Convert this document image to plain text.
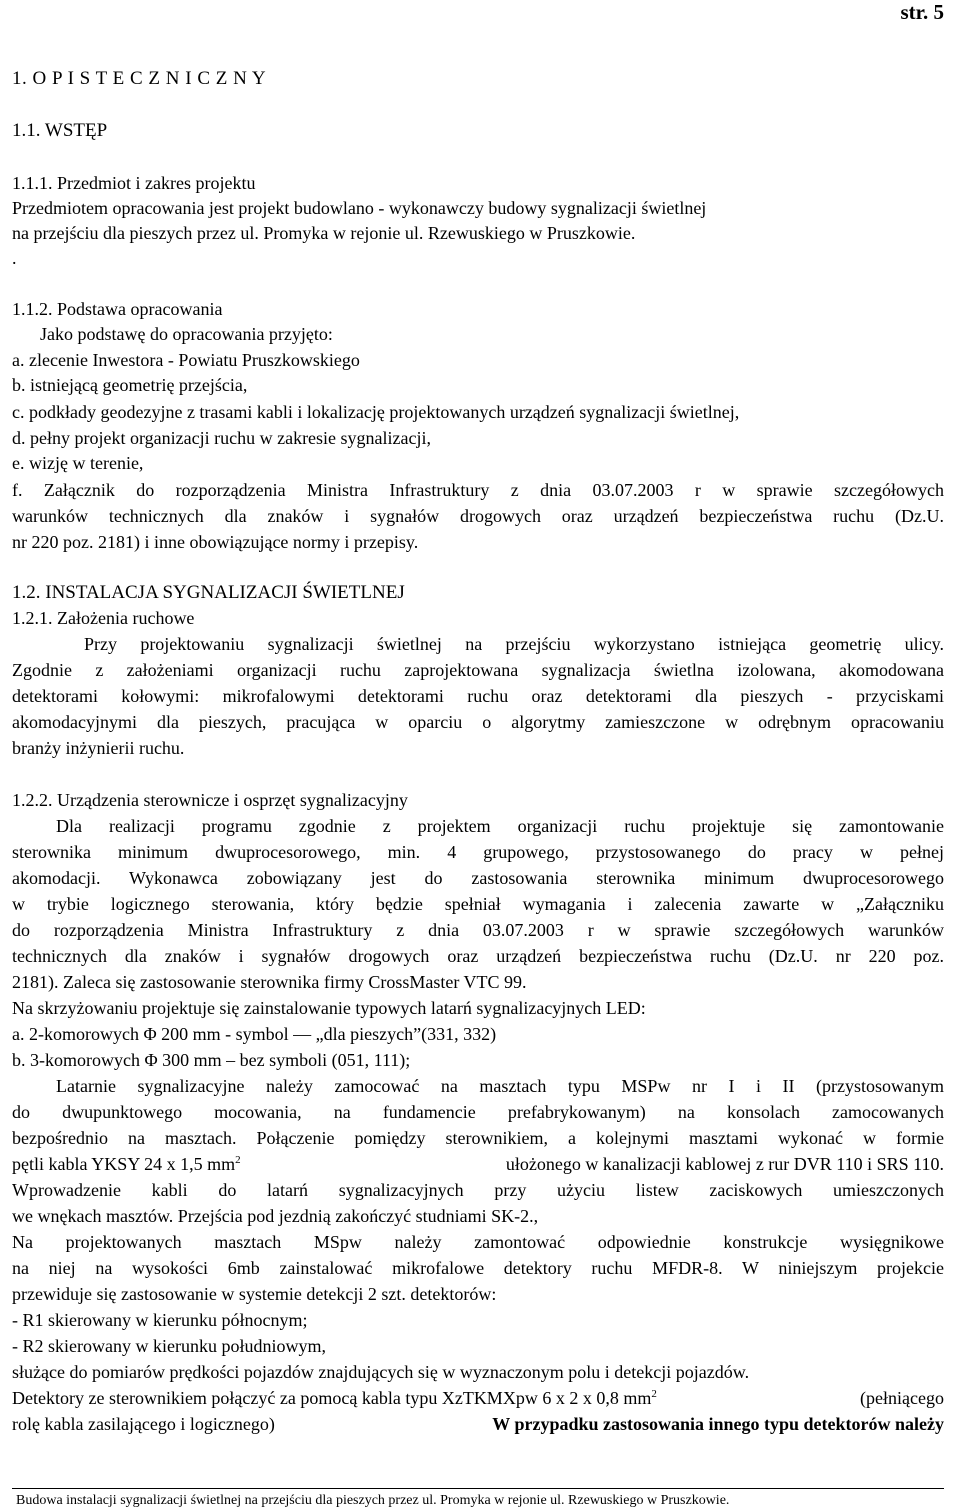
str. 5
1. O P I S T E C Z N I C Z N Y
1.1. WSTĘP
1.1.1. Przedmiot i zakres projektu
Przedmiotem opracowania jest projekt budowlano - wykonawczy budowy sygnalizacji świetlnej
na przejściu dla pieszych przez ul. Promyka w rejonie ul. Rzewuskiego w Pruszkowie.
.
1.1.2. Podstawa opracowania
Jako podstawę do opracowania przyjęto:
a. zlecenie Inwestora - Powiatu Pruszkowskiego
b. istniejącą geometrię przejścia,
c. podkłady geodezyjne z trasami kabli i lokalizację projektowanych urządzeń sygnalizacji świetlnej,
d. pełny projekt organizacji ruchu w zakresie sygnalizacji,
e. wizję w terenie,
f. Załącznik do rozporządzenia Ministra Infrastruktury z dnia 03.07.2003 r w sprawie szczegółowych
warunków technicznych dla znaków i sygnałów drogowych oraz urządzeń bezpieczeństwa ruchu (Dz.U.
nr 220 poz. 2181) i inne obowiązujące normy i przepisy.
1.2. INSTALACJA SYGNALIZACJI ŚWIETLNEJ
1.2.1. Założenia ruchowe
Przy projektowaniu sygnalizacji świetlnej na przejściu wykorzystano istniejąca geometrię ulicy.
Zgodnie z założeniami organizacji ruchu zaprojektowana sygnalizacja świetlna izolowana, akomodowana
detektorami kołowymi: mikrofalowymi detektorami ruchu oraz detektorami dla pieszych - przyciskami
akomodacyjnymi dla pieszych, pracująca w oparciu o algorytmy zamieszczone w odrębnym opracowaniu
branży inżynierii ruchu.
1.2.2. Urządzenia sterownicze i osprzęt sygnalizacyjny
Dla realizacji programu zgodnie z projektem organizacji ruchu projektuje się zamontowanie
sterownika minimum dwuprocesorowego, min. 4 grupowego, przystosowanego do pracy w pełnej
akomodacji. Wykonawca zobowiązany jest do zastosowania sterownika minimum dwuprocesorowego
w trybie logicznego sterowania, który będzie spełniał wymagania i zalecenia zawarte w „Załączniku
do rozporządzenia Ministra Infrastruktury z dnia 03.07.2003 r w sprawie szczegółowych warunków
technicznych dla znaków i sygnałów drogowych oraz urządzeń bezpieczeństwa ruchu (Dz.U. nr 220 poz.
2181). Zaleca się zastosowanie sterownika firmy CrossMaster VTC 99.
Na skrzyżowaniu projektuje się zainstalowanie typowych latarń sygnalizacyjnych LED:
a. 2-komorowych Φ 200 mm - symbol ― „dla pieszych”(331, 332)
b. 3-komorowych Φ 300 mm – bez symboli (051, 111);
Latarnie sygnalizacyjne należy zamocować na masztach typu MSPw nr I i II (przystosowanym
do dwupunktowego mocowania, na fundamencie prefabrykowanym) na konsolach zamocowanych
bezpośrednio na masztach. Połączenie pomiędzy sterownikiem, a kolejnymi masztami wykonać w formie
pętli kabla YKSY 24 x 1,5 $mm^2$	ułożonego w kanalizacji kablowej z rur DVR 110 i SRS 110.
Wprowadzenie kabli do latarń sygnalizacyjnych przy użyciu listew zaciskowych umieszczonych
we wnękach masztów. Przejścia pod jezdnią zakończyć studniami SK-2.,
Na projektowanych masztach MSpw należy zamontować odpowiednie konstrukcje wysięgnikowe
na niej na wysokości 6mb zainstalować mikrofalowe detektory ruchu MFDR-8. W niniejszym projekcie
przewiduje się zastosowanie w systemie detekcji 2 szt. detektorów:
- R1 skierowany w kierunku północnym;
- R2 skierowany w kierunku południowym,
służące do pomiarów prędkości pojazdów znajdujących się w wyznaczonym polu i detekcji pojazdów.
Detektory ze sterownikiem połączyć za pomocą kabla typu XzTKMXpw 6 x 2 x 0,8 $mm^2$	(pełniącego
rolę kabla zasilającego i logicznego)	W przypadku zastosowania innego typu detektorów należy
Budowa instalacji sygnalizacji świetlnej na przejściu dla pieszych przez ul. Promyka w rejonie ul. Rzewuskiego w Pruszkowie.
